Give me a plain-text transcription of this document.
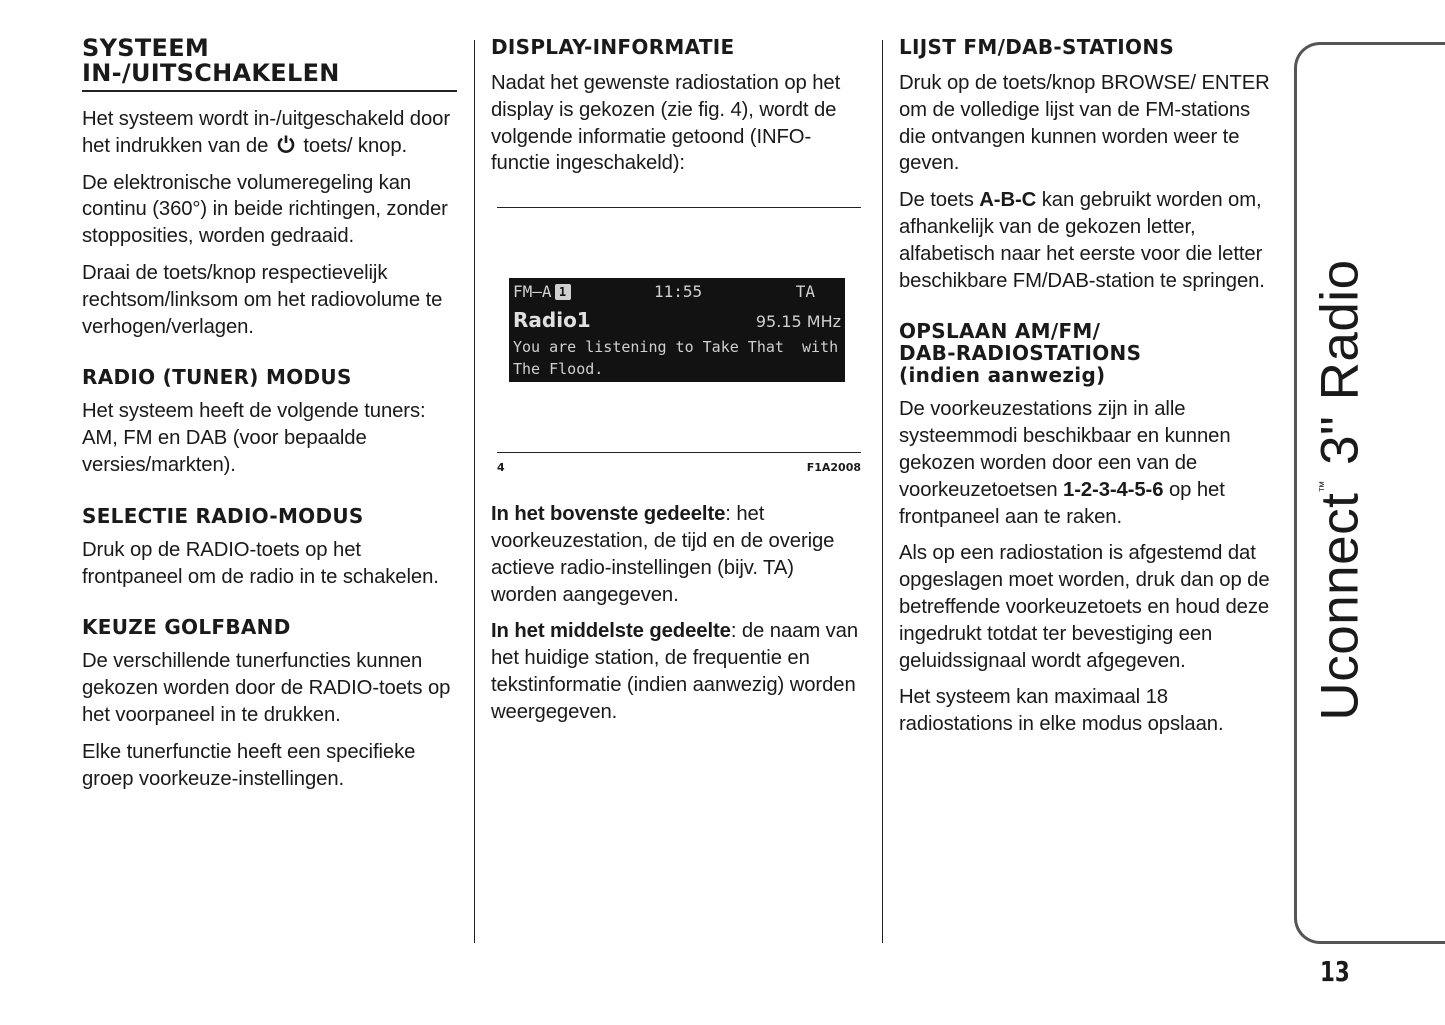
SYSTEEM
IN-/UITSCHAKELEN

Het systeem wordt in-/uitgeschakeld door het indrukken van de toets/ knop.

De elektronische volumeregeling kan continu (360°) in beide richtingen, zonder stopposities, worden gedraaid.

Draai de toets/knop respectievelijk rechtsom/linksom om het radiovolume te verhogen/verlagen.

RADIO (TUNER) MODUS

Het systeem heeft de volgende tuners: AM, FM en DAB (voor bepaalde versies/markten).

SELECTIE RADIO-MODUS

Druk op de RADIO-toets op het frontpaneel om de radio in te schakelen.

KEUZE GOLFBAND

De verschillende tunerfuncties kunnen gekozen worden door de RADIO-toets op het voorpaneel in te drukken.

Elke tunerfunctie heeft een specifieke groep voorkeuze-instellingen.

DISPLAY-INFORMATIE

Nadat het gewenste radiostation op het display is gekozen (zie fig. 4), wordt de volgende informatie getoond (INFO-functie ingeschakeld):

FM–A 1	11:55	TA
Radio1	95.15 MHz
You are listening to Take That  with
The Flood.
4	F1A2008

In het bovenste gedeelte: het voorkeuzestation, de tijd en de overige actieve radio-instellingen (bijv. TA) worden aangegeven.

In het middelste gedeelte: de naam van het huidige station, de frequentie en tekstinformatie (indien aanwezig) worden weergegeven.

LIJST FM/DAB-STATIONS

Druk op de toets/knop BROWSE/ ENTER om de volledige lijst van de FM-stations die ontvangen kunnen worden weer te geven.

De toets A-B-C kan gebruikt worden om, afhankelijk van de gekozen letter, alfabetisch naar het eerste voor die letter beschikbare FM/DAB-station te springen.

OPSLAAN AM/FM/
DAB-RADIOSTATIONS
(indien aanwezig)

De voorkeuzestations zijn in alle systeemmodi beschikbaar en kunnen gekozen worden door een van de voorkeuzetoetsen 1-2-3-4-5-6 op het frontpaneel aan te raken.

Als op een radiostation is afgestemd dat opgeslagen moet worden, druk dan op de betreffende voorkeuzetoets en houd deze ingedrukt totdat ter bevestiging een geluidssignaal wordt afgegeven.

Het systeem kan maximaal 18 radiostations in elke modus opslaan.

Uconnect™ 3" Radio
13
